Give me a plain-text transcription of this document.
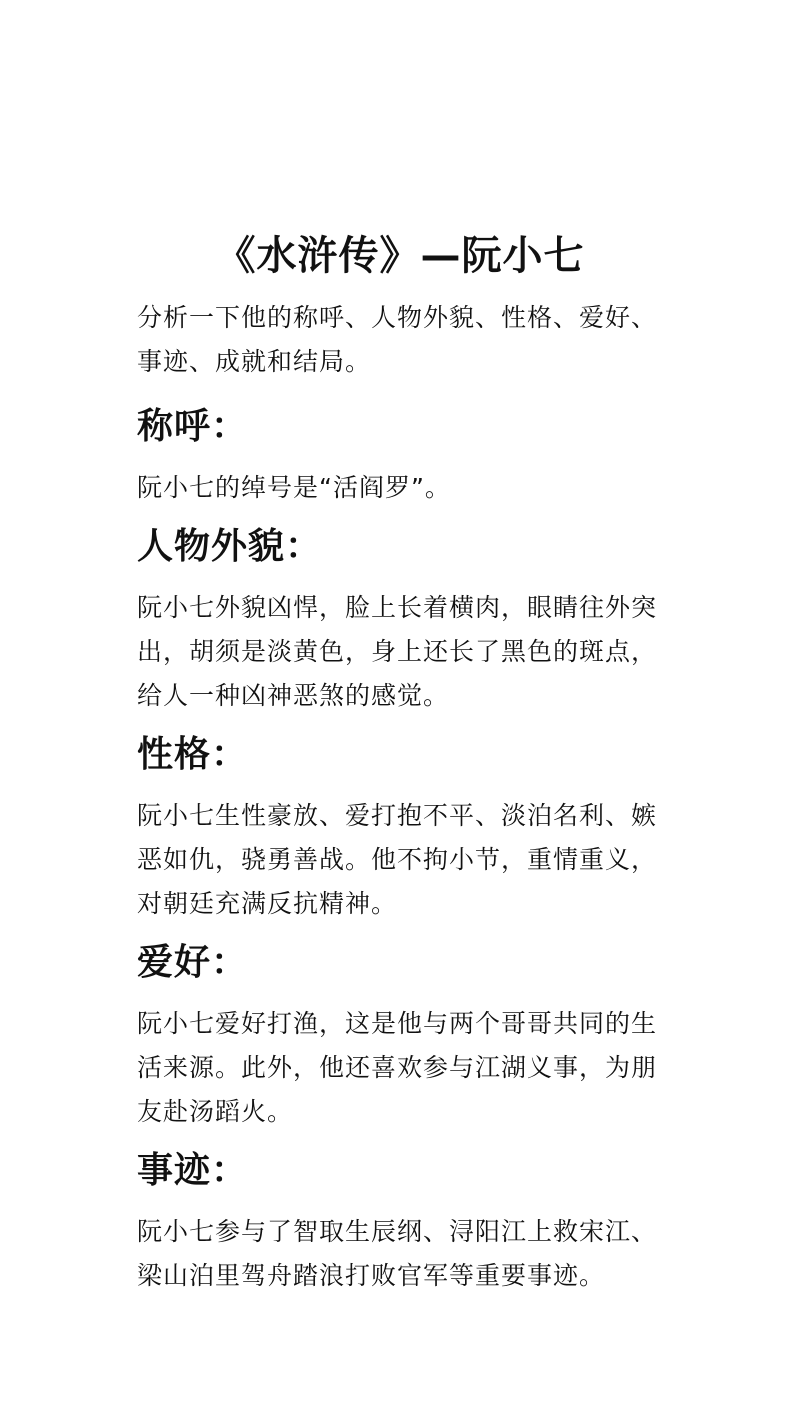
《水浒传》—阮小七

分析一下他的称呼、人物外貌、性格、爱好、事迹、成就和结局。

称呼：

阮小七的绰号是“活阎罗”。

人物外貌：

阮小七外貌凶悍，脸上长着横肉，眼睛往外突出，胡须是淡黄色，身上还长了黑色的斑点，给人一种凶神恶煞的感觉。

性格：

阮小七生性豪放、爱打抱不平、淡泊名利、嫉恶如仇，骁勇善战。他不拘小节，重情重义，对朝廷充满反抗精神。

爱好：

阮小七爱好打渔，这是他与两个哥哥共同的生活来源。此外，他还喜欢参与江湖义事，为朋友赴汤蹈火。

事迹：

阮小七参与了智取生辰纲、浔阳江上救宋江、梁山泊里驾舟踏浪打败官军等重要事迹。
